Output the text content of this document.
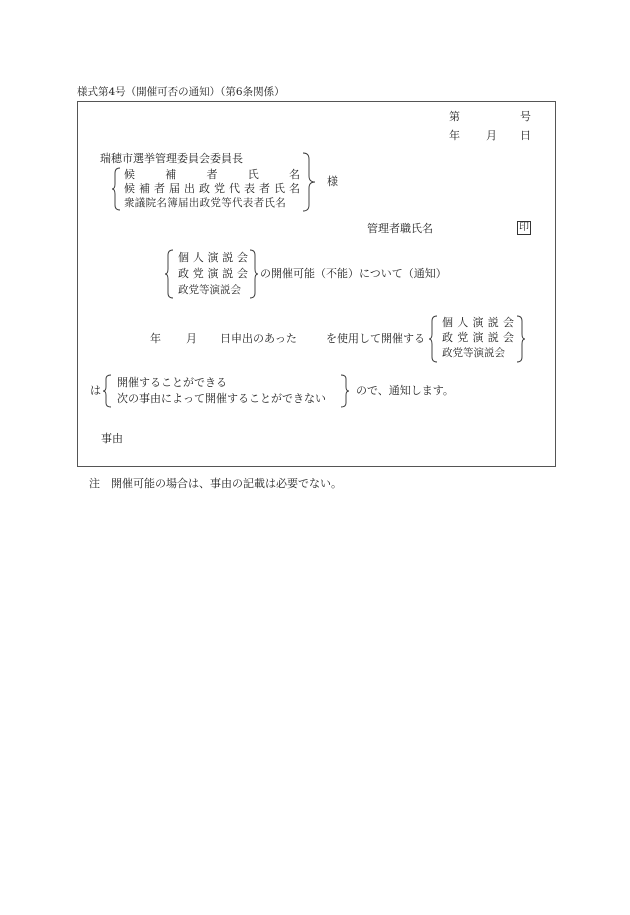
様式第4号（開催可否の通知）（第6条関係）
第	号
年 月 日
瑞穂市選挙管理委員会委員長
候	補	者	氏	名
候 補 者 届 出 政 党 代 表 者 氏 名
衆議院名簿届出政党等代表者氏名
様
管理者職氏名	印
個 人 演 説 会
政 党 演 説 会
政党等演説会
の開催可能（不能）について（通知）
年 月 日申出のあった	を使用して開催する
個 人 演 説 会
政 党 演 説 会
政党等演説会
は
開催することができる
次の事由によって開催することができない
ので、通知します。
事由
注　開催可能の場合は、事由の記載は必要でない。
